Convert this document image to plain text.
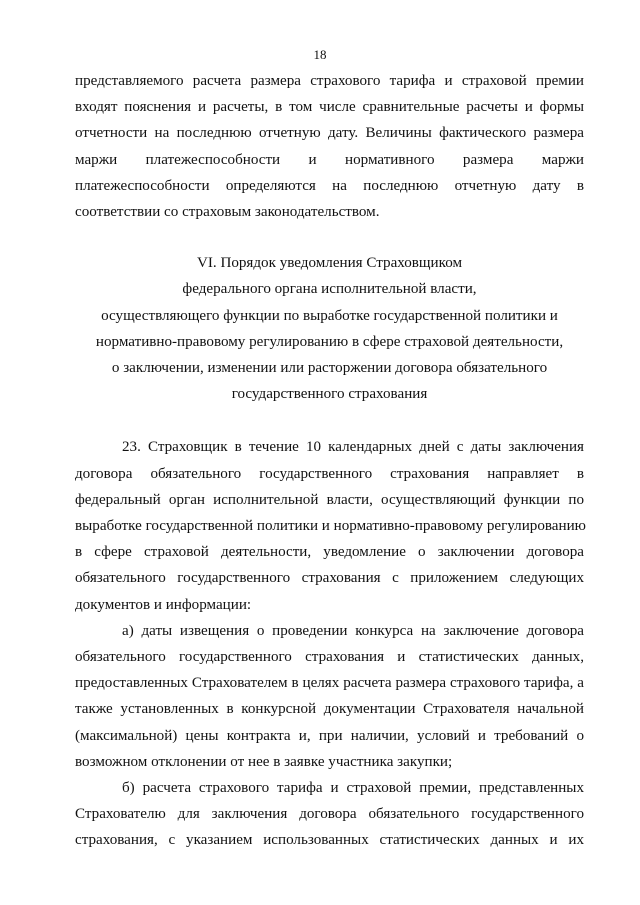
18
представляемого расчета размера страхового тарифа и страховой премии
входят пояснения и расчеты, в том числе сравнительные расчеты и формы
отчетности на последнюю отчетную дату. Величины фактического размера
маржи платежеспособности и нормативного размера маржи
платежеспособности определяются на последнюю отчетную дату в
соответствии со страховым законодательством.
VI. Порядок уведомления Страховщиком
федерального органа исполнительной власти,
осуществляющего функции по выработке государственной политики и
нормативно-правовому регулированию в сфере страховой деятельности,
о заключении, изменении или расторжении договора обязательного
государственного страхования
23. Страховщик в течение 10 календарных дней с даты заключения
договора обязательного государственного страхования направляет в
федеральный орган исполнительной власти, осуществляющий функции по
выработке государственной политики и нормативно-правовому регулированию
в сфере страховой деятельности, уведомление о заключении договора
обязательного государственного страхования с приложением следующих
документов и информации:
а) даты извещения о проведении конкурса на заключение договора
обязательного государственного страхования и статистических данных,
предоставленных Страхователем в целях расчета размера страхового тарифа, а
также установленных в конкурсной документации Страхователя начальной
(максимальной) цены контракта и, при наличии, условий и требований о
возможном отклонении от нее в заявке участника закупки;
б) расчета страхового тарифа и страховой премии, представленных
Страхователю для заключения договора обязательного государственного
страхования, с указанием использованных статистических данных и их
